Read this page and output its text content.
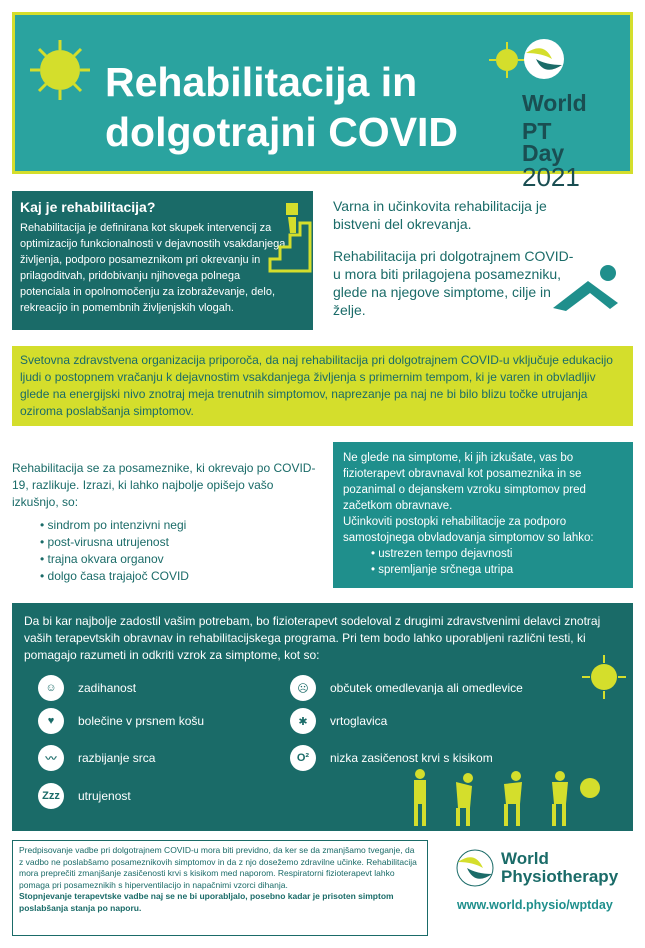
Rehabilitacija in
dolgotrajni COVID
World
PT Day
2021
Kaj je rehabilitacija?

Rehabilitacija je definirana kot skupek intervencij za optimizacijo funkcionalnosti v dejavnostih vsakdanjega življenja, podporo posameznikom pri okrevanju in prilagoditvah, pridobivanju njihovega polnega potenciala in opolnomočenju za izobraževanje, delo, rekreacijo in pomembnih življenjskih vlogah.

Varna in učinkovita rehabilitacija je bistveni del okrevanja.

Rehabilitacija pri dolgotrajnem COVID-u mora biti prilagojena posamezniku, glede na njegove simptome, cilje in želje.

Svetovna zdravstvena organizacija priporoča, da naj rehabilitacija pri dolgotrajnem COVID-u vključuje edukacijo ljudi o postopnem vračanju k dejavnostim vsakdanjega življenja s primernim tempom, ki je varen in obvladljiv glede na energijski nivo znotraj meja trenutnih simptomov, naprezanje pa naj ne bi bilo blizu točke utrujanja oziroma poslabšanja simptomov.

Rehabilitacija se za posameznike, ki okrevajo po COVID-19, razlikuje. Izrazi, ki lahko najbolje opišejo vašo izkušnjo, so:

• sindrom po intenzivni negi
• post-virusna utrujenost
• trajna okvara organov
• dolgo časa trajajoč COVID

Ne glede na simptome, ki jih izkušate, vas bo fizioterapevt obravnaval kot posameznika in se pozanimal o dejanskem vzroku simptomov pred začetkom obravnave.

Učinkoviti postopki rehabilitacije za podporo samostojnega obvladovanja simptomov so lahko:

• ustrezen tempo dejavnosti
• spremljanje srčnega utripa

Da bi kar najbolje zadostil vašim potrebam, bo fizioterapevt sodeloval z drugimi zdravstvenimi delavci znotraj vaših terapevtskih obravnav in rehabilitacijskega programa. Pri tem bodo lahko uporabljeni različni testi, ki pomagajo razumeti in odkriti vzrok za simptome, kot so:

☺	zadihanost
♥	bolečine v prsnem košu
〰	razbijanje srca
Zzz	utrujenost
☹	občutek omedlevanja ali omedlevice
✱	vrtoglavica
O²	nizka zasičenost krvi s kisikom

Predpisovanje vadbe pri dolgotrajnem COVID-u mora biti previdno, da ker se da zmanjšamo tveganje, da z vadbo ne poslabšamo posameznikovih simptomov in da z njo dosežemo zdravilne učinke. Rehabilitacija mora preprečiti zmanjšanje zasičenosti krvi s kisikom med naporom. Respiratorni fizioterapevt lahko pomaga pri posameznikih s hiperventilacijo in napačnimi vzorci dihanja.

Stopnjevanje terapevtske vadbe naj se ne bi uporabljalo, posebno kadar je prisoten simptom poslabšanja stanja po naporu.

World
Physiotherapy
www.world.physio/wptday
